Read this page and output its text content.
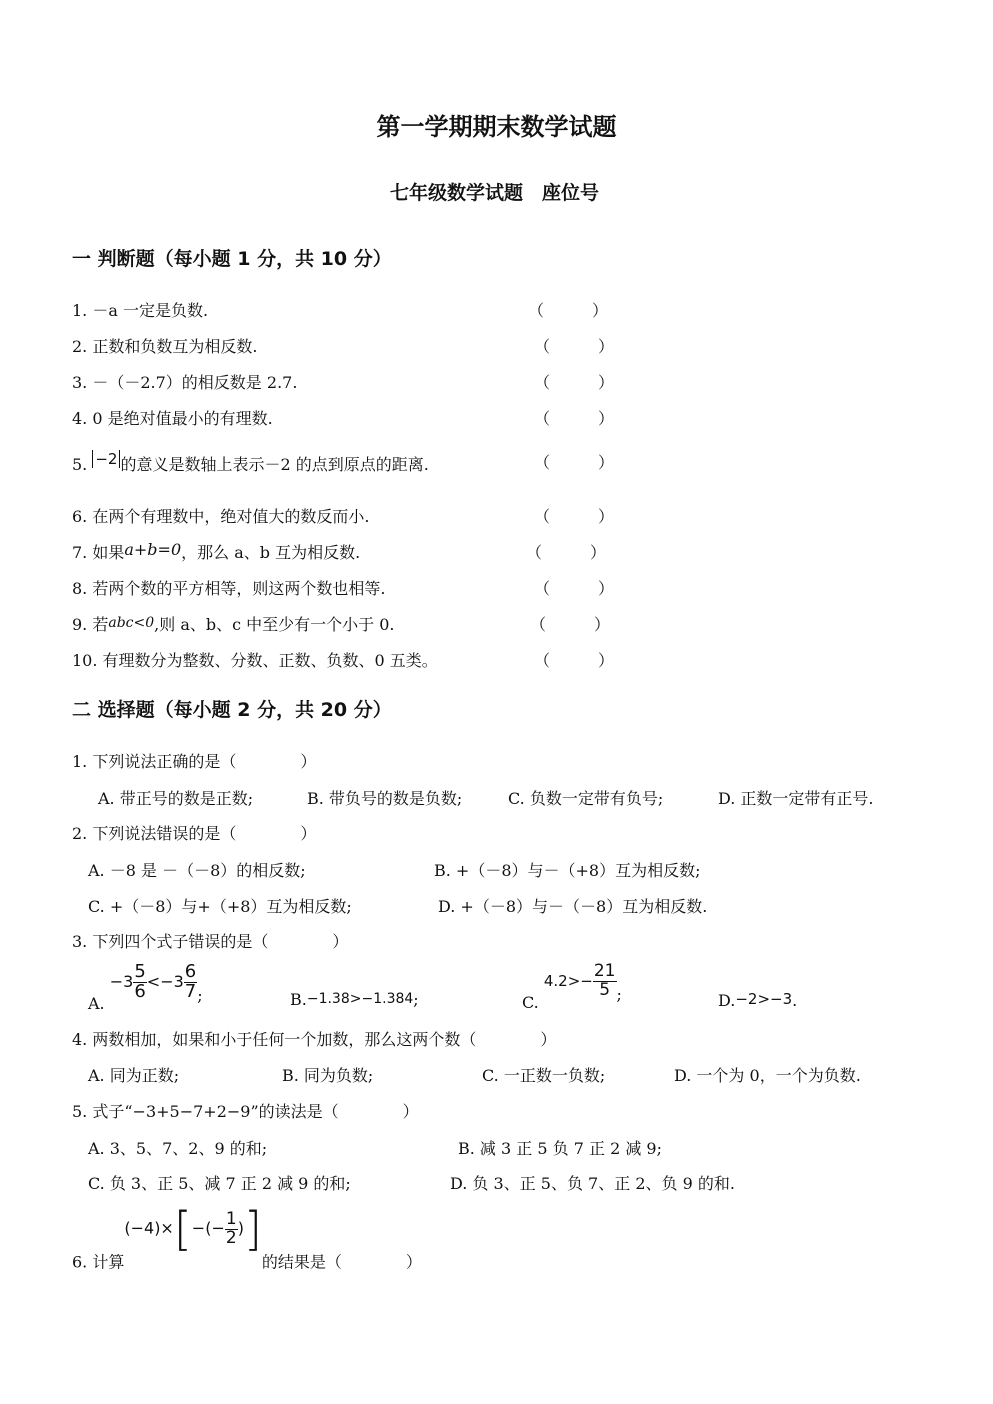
第一学期期末数学试题
七年级数学试题　座位号
一 判断题（每小题 1 分，共 10 分）
1. －a 一定是负数.	（　　　）
2. 正数和负数互为相反数.	（　　　）
3. －（－2.7）的相反数是 2.7.	（　　　）
4. 0 是绝对值最小的有理数.	（　　　）
5. −2 的意义是数轴上表示－2 的点到原点的距离.	（　　　）
6. 在两个有理数中，绝对值大的数反而小.	（　　　）
7. 如果a+b=0，那么 a、b 互为相反数.	（　　　）
8. 若两个数的平方相等，则这两个数也相等.	（　　　）
9. 若abc<0,则 a、b、c 中至少有一个小于 0.	（　　　）
10. 有理数分为整数、分数、正数、负数、0 五类。	（　　　）
二 选择题（每小题 2 分，共 20 分）
1. 下列说法正确的是（　　　　）
A. 带正号的数是正数;	B. 带负号的数是负数;	C. 负数一定带有负号;	D. 正数一定带有正号.
2. 下列说法错误的是（　　　　）
A. －8 是 －（－8）的相反数;	B. +（－8）与－（+8）互为相反数;
C. +（－8）与+（+8）互为相反数;	D. +（－8）与－（－8）互为相反数.
3. 下列四个式子错误的是（　　　　）
A. $-3 \frac{5}{6} <-3 \frac{6}{7}$ ;	B.−1.38>−1.384;	C. $4.2>- \frac{21}{5}$ ;	D.−2>−3.
4. 两数相加，如果和小于任何一个加数，那么这两个数（　　　　）
A. 同为正数;	B. 同为负数;	C. 一正数一负数;	D. 一个为 0，一个为负数.
5. 式子“−3+5−7+2−9”的读法是（　　　　）
A. 3、5、7、2、9 的和;	B. 减 3 正 5 负 7 正 2 减 9;
C. 负 3、正 5、减 7 正 2 减 9 的和;	D. 负 3、正 5、负 7、正 2、负 9 的和.
6. 计算$(-4)\times[-(- \frac{1}{2}$ )]的结果是（　　　　）
